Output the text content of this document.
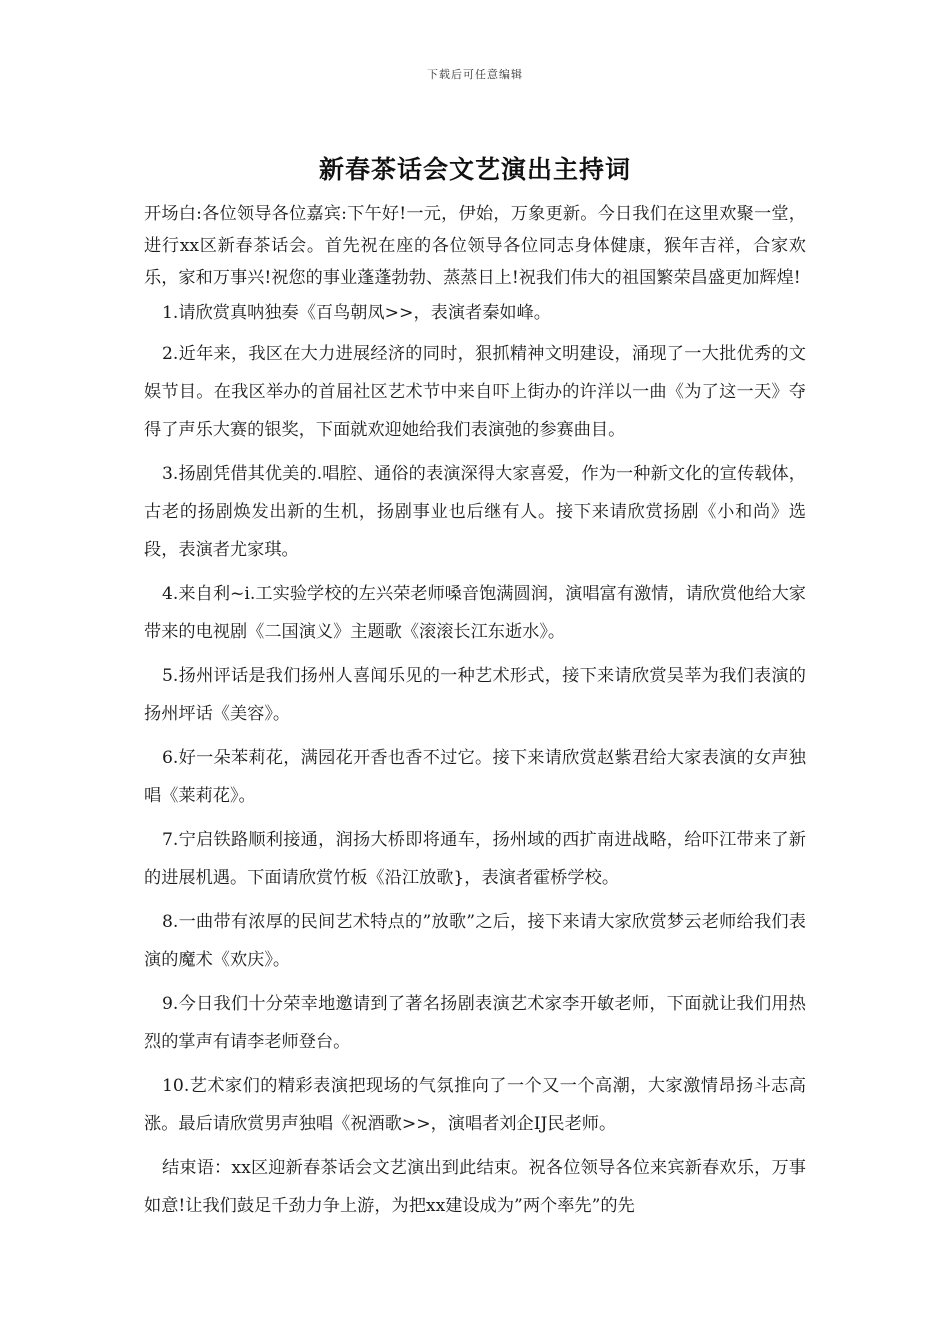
下载后可任意编辑
新春茶话会文艺演出主持词

开场白:各位领导各位嘉宾:下午好!一元，伊始，万象更新。今日我们在这里欢聚一堂，进行xx区新春茶话会。首先祝在座的各位领导各位同志身体健康，猴年吉祥，合家欢乐，家和万事兴!祝您的事业蓬蓬勃勃、蒸蒸日上!祝我们伟大的祖国繁荣昌盛更加辉煌!

1.请欣赏真呐独奏《百鸟朝凤>>，表演者秦如峰。

2.近年来，我区在大力进展经济的同时，狠抓精神文明建设，涌现了一大批优秀的文娱节目。在我区举办的首届社区艺术节中来自吓上街办的许洋以一曲《为了这一天》夺得了声乐大赛的银奖，下面就欢迎她给我们表演弛的参赛曲目。

3.扬剧凭借其优美的.唱腔、通俗的表演深得大家喜爱，作为一种新文化的宣传载体，古老的扬剧焕发出新的生机，扬剧事业也后继有人。接下来请欣赏扬剧《小和尚》选段，表演者尤家琪。

4.来自利~i.工实验学校的左兴荣老师嗓音饱满圆润，演唱富有激情，请欣赏他给大家带来的电视剧《二国演义》主题歌《滚滚长江东逝水》。

5.扬州评话是我们扬州人喜闻乐见的一种艺术形式，接下来请欣赏吴莘为我们表演的扬州坪话《美容》。

6.好一朵苯莉花，满园花开香也香不过它。接下来请欣赏赵紫君给大家表演的女声独唱《莱莉花》。

7.宁启铁路顺利接通，润扬大桥即将通车，扬州域的西扩南进战略，给吓江带来了新的进展机遇。下面请欣赏竹板《沿江放歌}，表演者霍桥学校。

8.一曲带有浓厚的民间艺术特点的”放歌”之后，接下来请大家欣赏梦云老师给我们表演的魔术《欢庆》。

9.今日我们十分荣幸地邀请到了著名扬剧表演艺术家李开敏老师，下面就让我们用热烈的掌声有请李老师登台。

10.艺术家们的精彩表演把现场的气氛推向了一个又一个高潮，大家激情昂扬斗志高涨。最后请欣赏男声独唱《祝酒歌>>，演唱者刘企IJ民老师。

结束语：xx区迎新春茶话会文艺演出到此结束。祝各位领导各位来宾新春欢乐，万事如意!让我们鼓足千劲力争上游，为把xx建设成为”两个率先”的先
